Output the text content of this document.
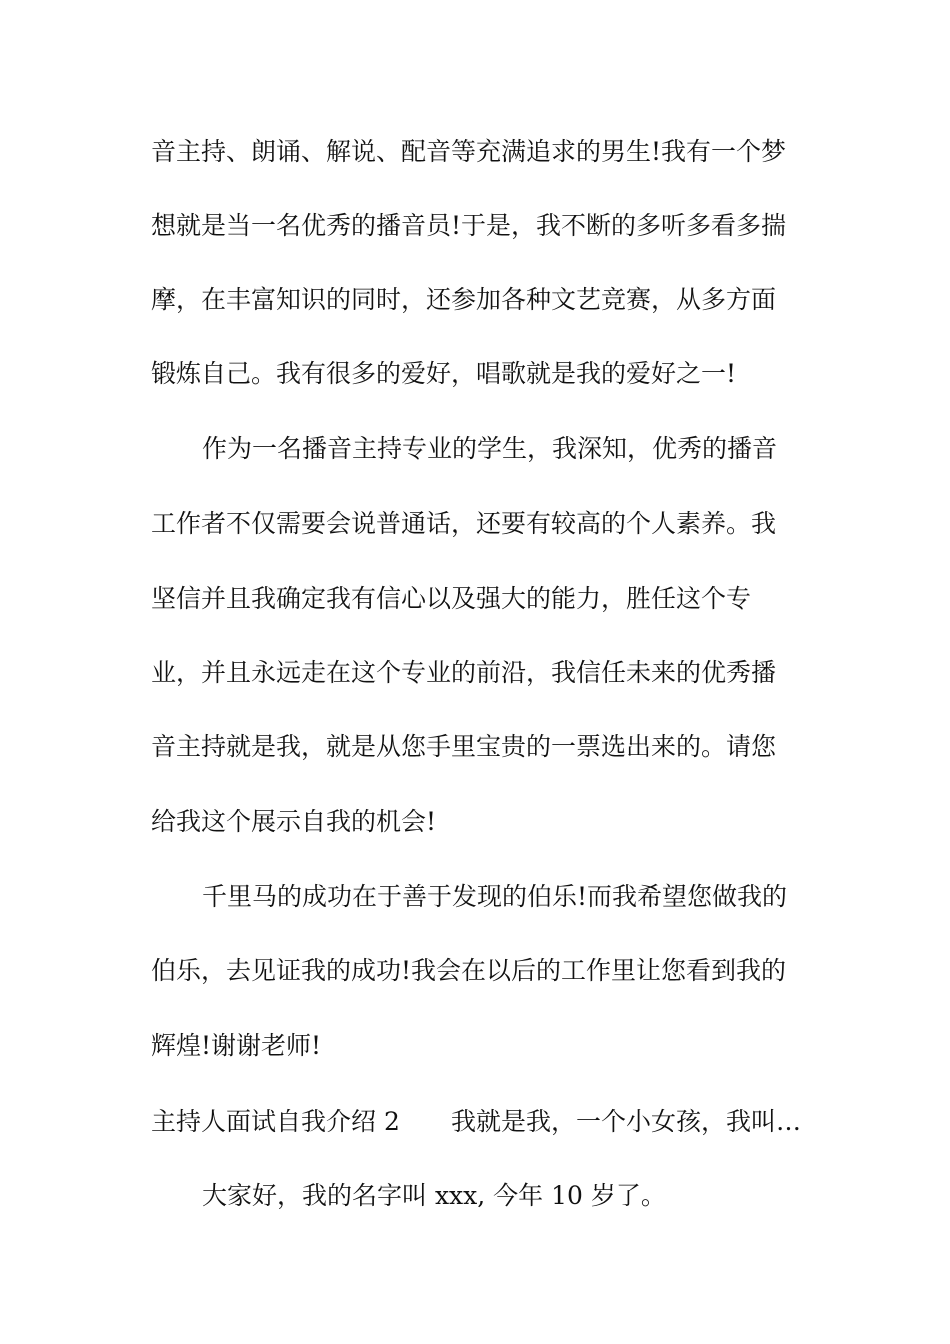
音主持、朗诵、解说、配音等充满追求的男生!我有一个梦
想就是当一名优秀的播音员!于是，我不断的多听多看多揣
摩，在丰富知识的同时，还参加各种文艺竞赛，从多方面
锻炼自己。我有很多的爱好，唱歌就是我的爱好之一!
作为一名播音主持专业的学生，我深知，优秀的播音
工作者不仅需要会说普通话，还要有较高的个人素养。我
坚信并且我确定我有信心以及强大的能力，胜任这个专
业，并且永远走在这个专业的前沿，我信任未来的优秀播
音主持就是我，就是从您手里宝贵的一票选出来的。请您
给我这个展示自我的机会!
千里马的成功在于善于发现的伯乐!而我希望您做我的
伯乐，去见证我的成功!我会在以后的工作里让您看到我的
辉煌!谢谢老师!
主持人面试自我介绍 2 我就是我，一个小女孩，我叫…
大家好，我的名字叫 xxx, 今年 10 岁了。
